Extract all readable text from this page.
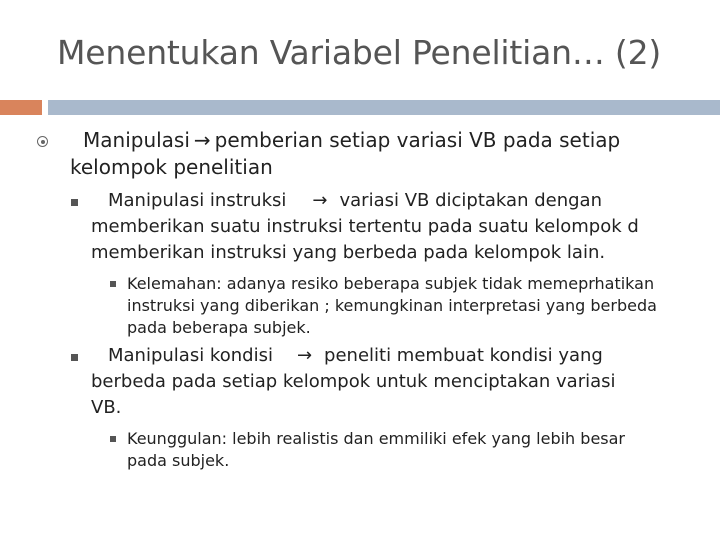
Menentukan Variabel Penelitian… (2)
Manipulasi → pemberian setiap variasi VB pada setiap
kelompok penelitian
Manipulasi instruksi → variasi VB diciptakan dengan
memberikan suatu instruksi tertentu pada suatu kelompok d
memberikan instruksi yang berbeda pada kelompok lain.
Kelemahan: adanya resiko beberapa subjek tidak memeprhatikan
instruksi yang diberikan ; kemungkinan interpretasi yang berbeda
pada beberapa subjek.
Manipulasi kondisi → peneliti membuat kondisi yang
berbeda pada setiap kelompok untuk menciptakan variasi
VB.
Keunggulan: lebih realistis dan emmiliki efek yang lebih besar
pada subjek.
